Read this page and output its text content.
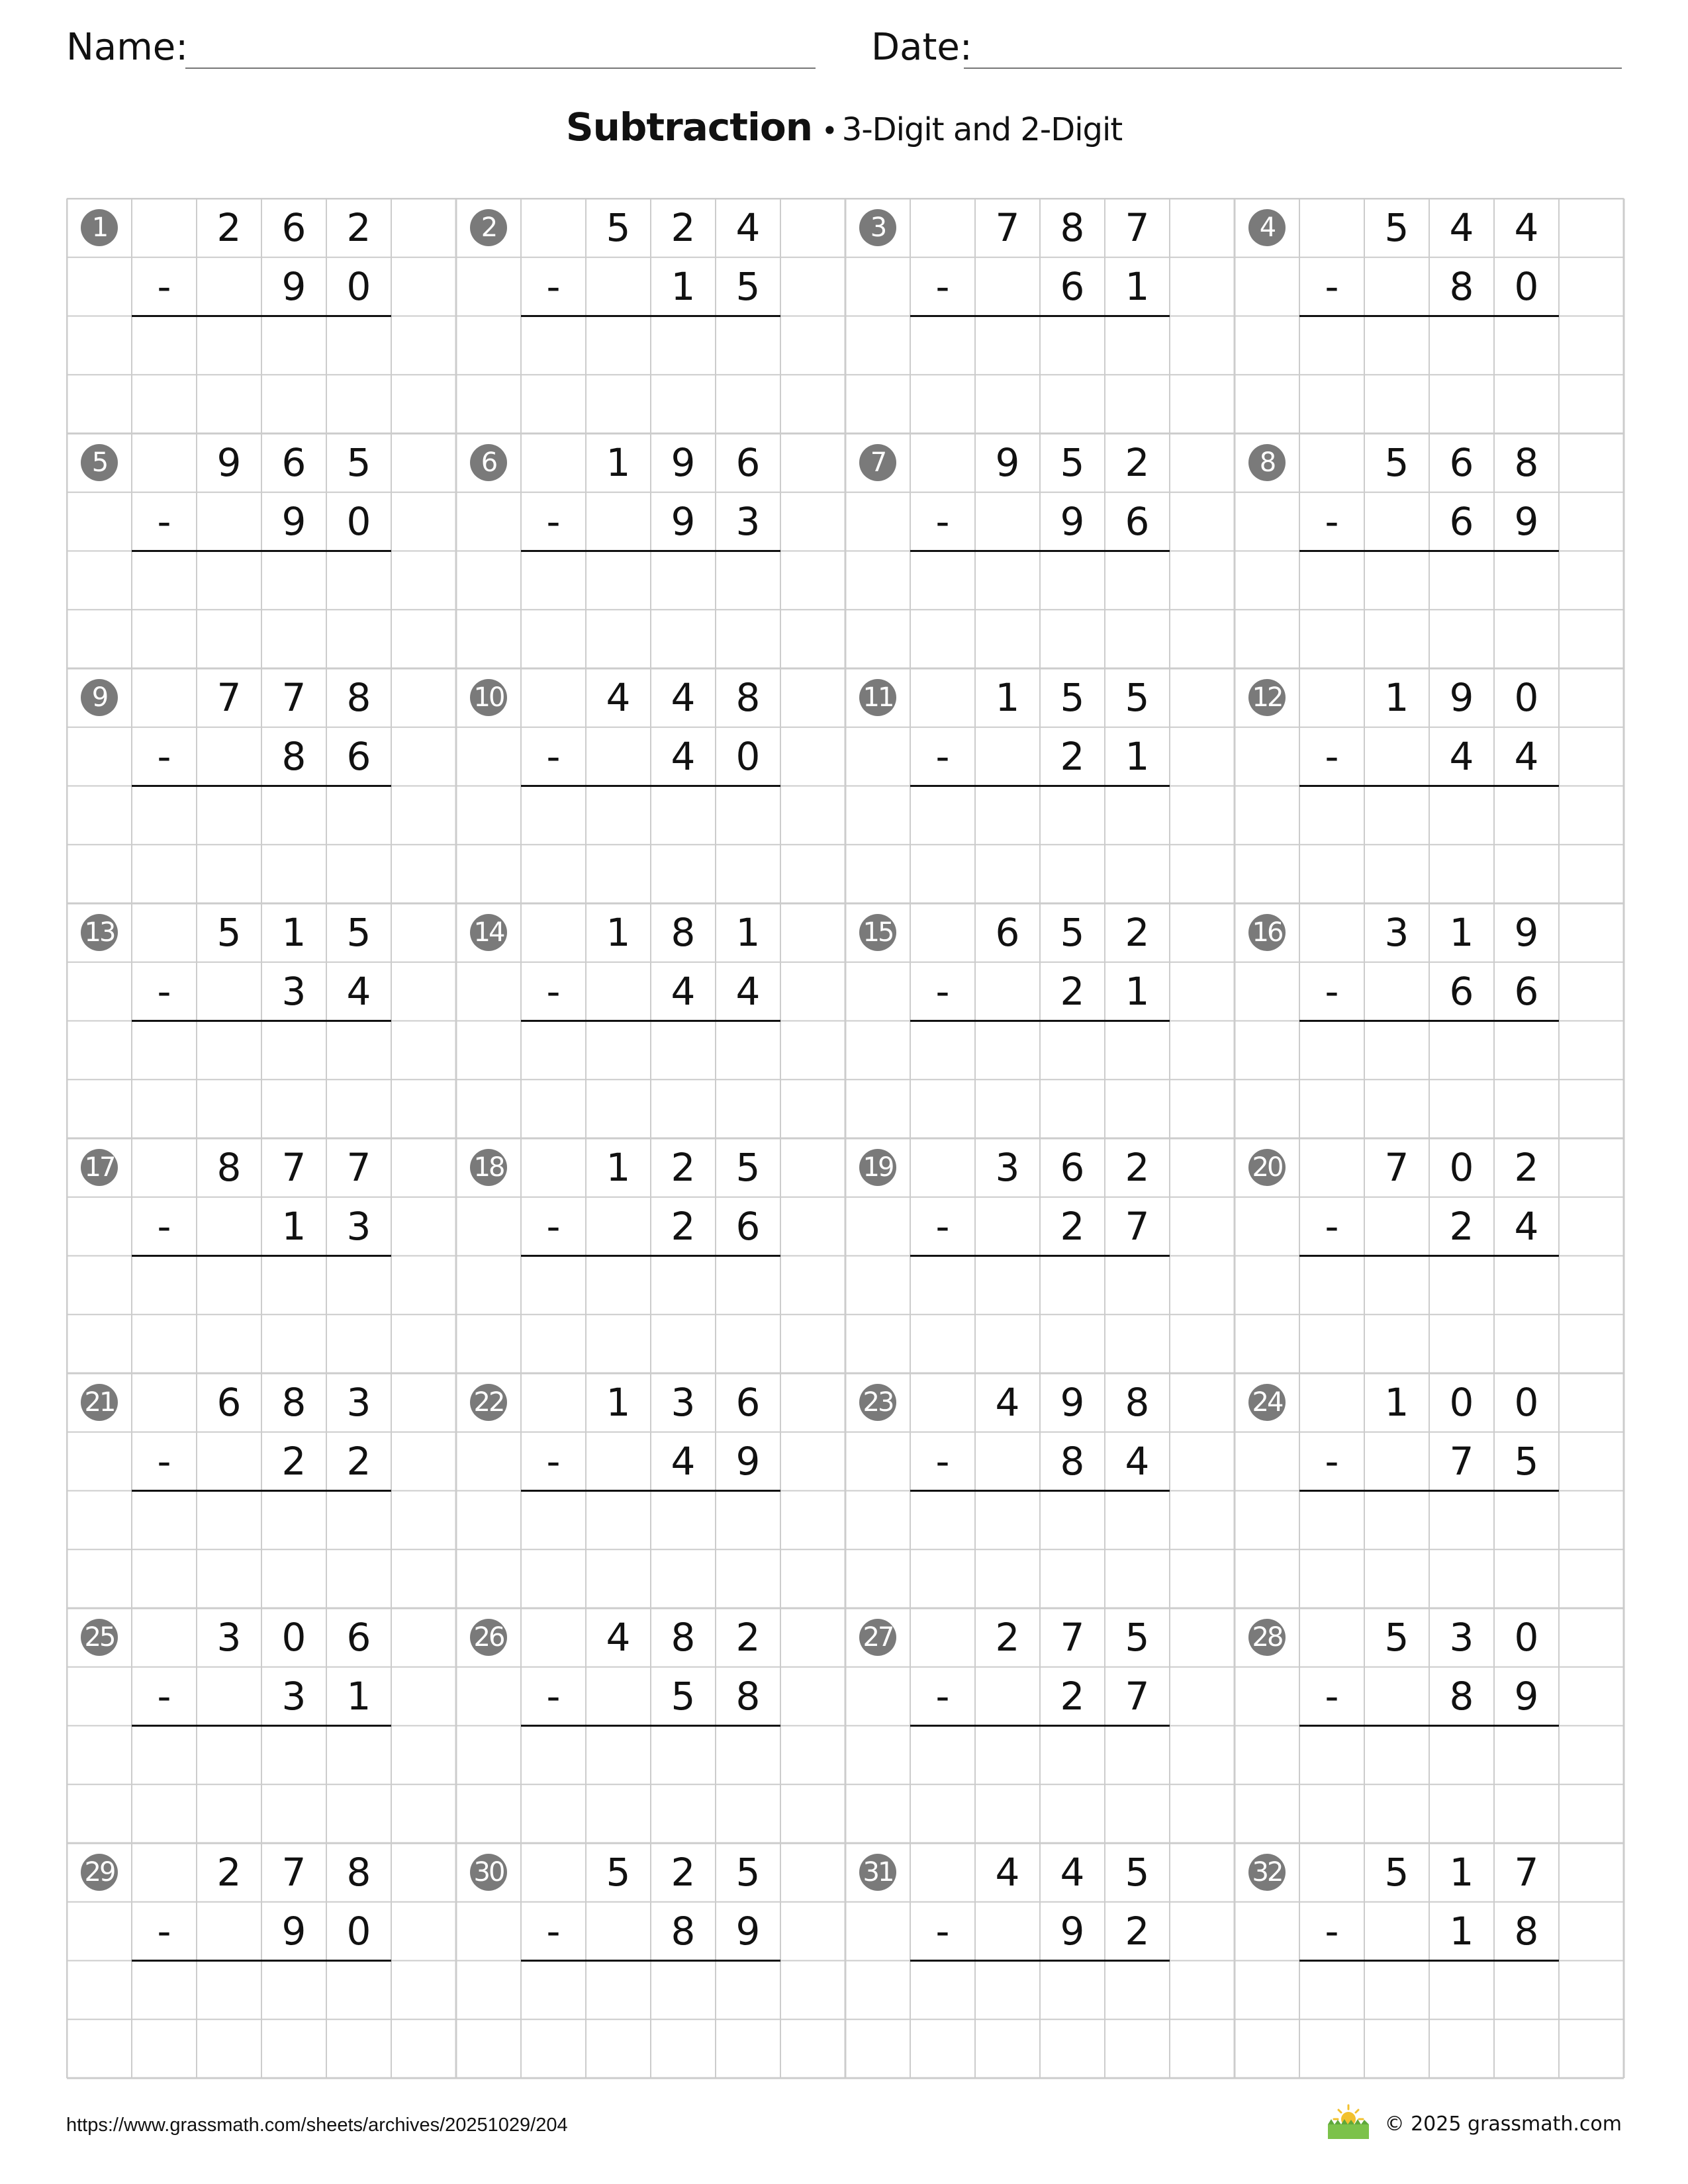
Name:	Date:
Subtraction • 3-Digit and 2-Digit
1	2	6	2
-	9	0
2	5	2	4
-	1	5
3	7	8	7
-	6	1
4	5	4	4
-	8	0
5	9	6	5
-	9	0
6	1	9	6
-	9	3
7	9	5	2
-	9	6
8	5	6	8
-	6	9
9	7	7	8
-	8	6
10	4	4	8
-	4	0
11	1	5	5
-	2	1
12	1	9	0
-	4	4
13	5	1	5
-	3	4
14	1	8	1
-	4	4
15	6	5	2
-	2	1
16	3	1	9
-	6	6
17	8	7	7
-	1	3
18	1	2	5
-	2	6
19	3	6	2
-	2	7
20	7	0	2
-	2	4
21	6	8	3
-	2	2
22	1	3	6
-	4	9
23	4	9	8
-	8	4
24	1	0	0
-	7	5
25	3	0	6
-	3	1
26	4	8	2
-	5	8
27	2	7	5
-	2	7
28	5	3	0
-	8	9
29	2	7	8
-	9	0
30	5	2	5
-	8	9
31	4	4	5
-	9	2
32	5	1	7
-	1	8
https://www.grassmath.com/sheets/archives/20251029/204	© 2025 grassmath.com
